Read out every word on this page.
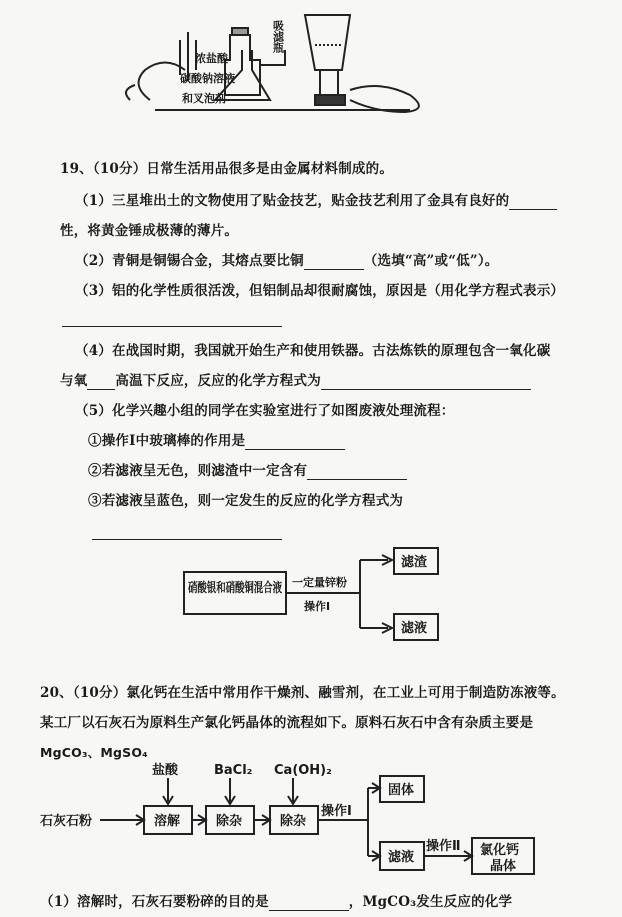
浓盐酸
碳酸钠溶液
和叉泡剂
吸滤瓶
19、（10分）日常生活用品很多是由金属材料制成的。
（1）三星堆出土的文物使用了贴金技艺，贴金技艺利用了金具有良好的
性，将黄金锤成极薄的薄片。
（2）青铜是铜锡合金，其熔点要比铜	（选填“高”或“低”）。
（3）铝的化学性质很活泼，但铝制品却很耐腐蚀，原因是（用化学方程式表示）
（4）在战国时期，我国就开始生产和使用铁器。古法炼铁的原理包含一氧化碳
与氧 高温下反应，反应的化学方程式为
（5）化学兴趣小组的同学在实验室进行了如图废液处理流程：
①操作Ⅰ中玻璃棒的作用是
②若滤液呈无色，则滤渣中一定含有
③若滤液呈蓝色，则一定发生的反应的化学方程式为
硝酸银和硝酸铜混合液
一定量锌粉
操作Ⅰ
滤渣
滤液
20、（10分）氯化钙在生活中常用作干燥剂、融雪剂，在工业上可用于制造防冻液等。
某工厂以石灰石为原料生产氯化钙晶体的流程如下。原料石灰石中含有杂质主要是
MgCO₃、MgSO₄
盐酸	BaCl₂ Ca(OH)₂
石灰石粉	溶解	除杂	除杂
操作Ⅰ
固体
滤液
操作Ⅱ 氯化钙
晶体
（1）溶解时，石灰石要粉碎的目的是	，MgCO₃发生反应的化学
